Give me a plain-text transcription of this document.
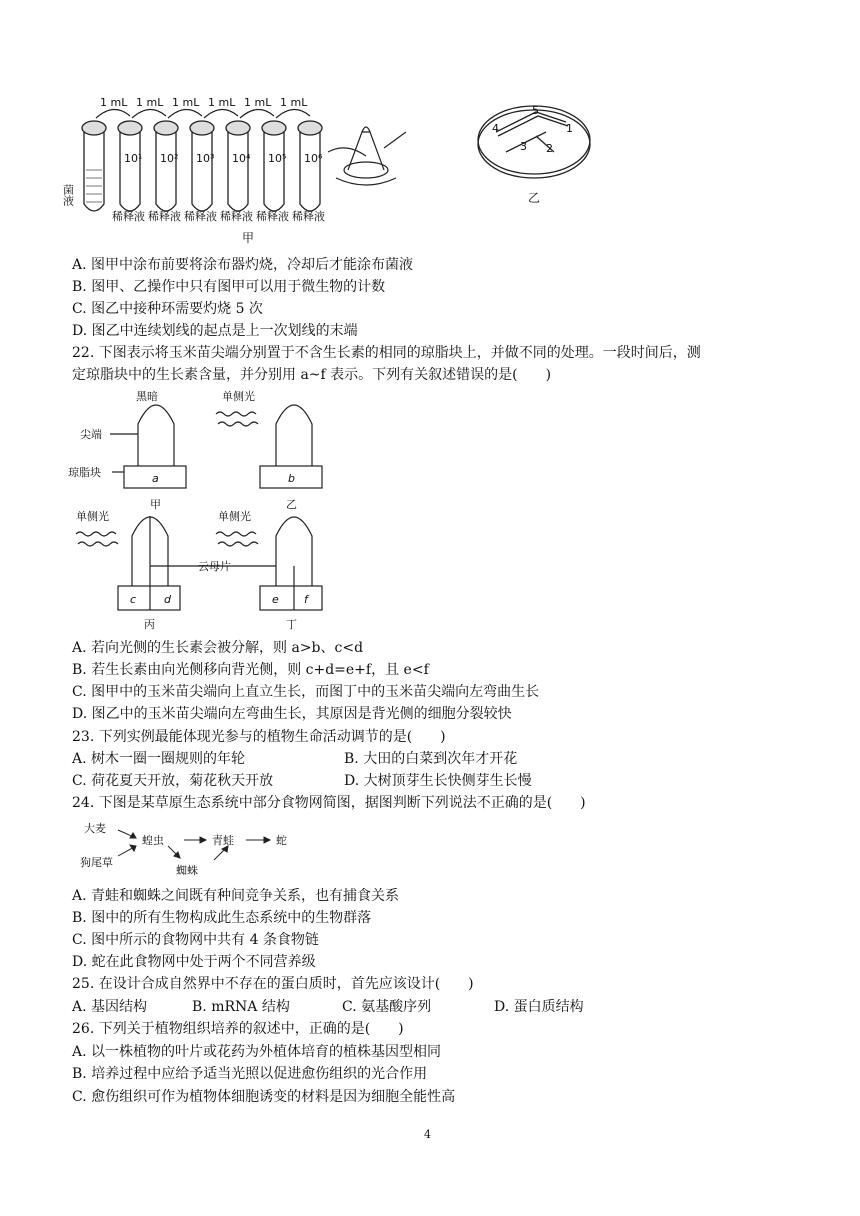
1 mL 1 mL 1 mL 1 mL 1 mL 1 mL
菌液
10¹ 10² 10³ 10⁴ 10⁵ 10⁶
稀释液 稀释液 稀释液 稀释液 稀释液 稀释液
甲
4
5
1
2
3
乙
A. 图甲中涂布前要将涂布器灼烧，冷却后才能涂布菌液
B. 图甲、乙操作中只有图甲可以用于微生物的计数
C. 图乙中接种环需要灼烧 5 次
D. 图乙中连续划线的起点是上一次划线的末端
22. 下图表示将玉米苗尖端分别置于不含生长素的相同的琼脂块上，并做不同的处理。一段时间后，测
定琼脂块中的生长素含量，并分别用 a~f 表示。下列有关叙述错误的是(　　)
黑暗	单侧光
单侧光	单侧光
尖端
琼脂块
云母片
a	b
c	d	e f
甲	乙
丙	丁
A. 若向光侧的生长素会被分解，则 a>b、c<d
B. 若生长素由向光侧移向背光侧，则 c+d=e+f，且 e<f
C. 图甲中的玉米苗尖端向上直立生长，而图丁中的玉米苗尖端向左弯曲生长
D. 图乙中的玉米苗尖端向左弯曲生长，其原因是背光侧的细胞分裂较快
23. 下列实例最能体现光参与的植物生命活动调节的是(　　)
A. 树木一圈一圈规则的年轮	B. 大田的白菜到次年才开花
C. 荷花夏天开放，菊花秋天开放	D. 大树顶芽生长快侧芽生长慢
24. 下图是某草原生态系统中部分食物网简图，据图判断下列说法不正确的是(　　)
大麦
狗尾草
蝗虫	青蛙	蛇
蜘蛛
A. 青蛙和蜘蛛之间既有种间竞争关系，也有捕食关系
B. 图中的所有生物构成此生态系统中的生物群落
C. 图中所示的食物网中共有 4 条食物链
D. 蛇在此食物网中处于两个不同营养级
25. 在设计合成自然界中不存在的蛋白质时，首先应该设计(　　)
A. 基因结构	B. mRNA 结构	C. 氨基酸序列	D. 蛋白质结构
26. 下列关于植物组织培养的叙述中，正确的是(　　)
A. 以一株植物的叶片或花药为外植体培育的植株基因型相同
B. 培养过程中应给予适当光照以促进愈伤组织的光合作用
C. 愈伤组织可作为植物体细胞诱变的材料是因为细胞全能性高
4
